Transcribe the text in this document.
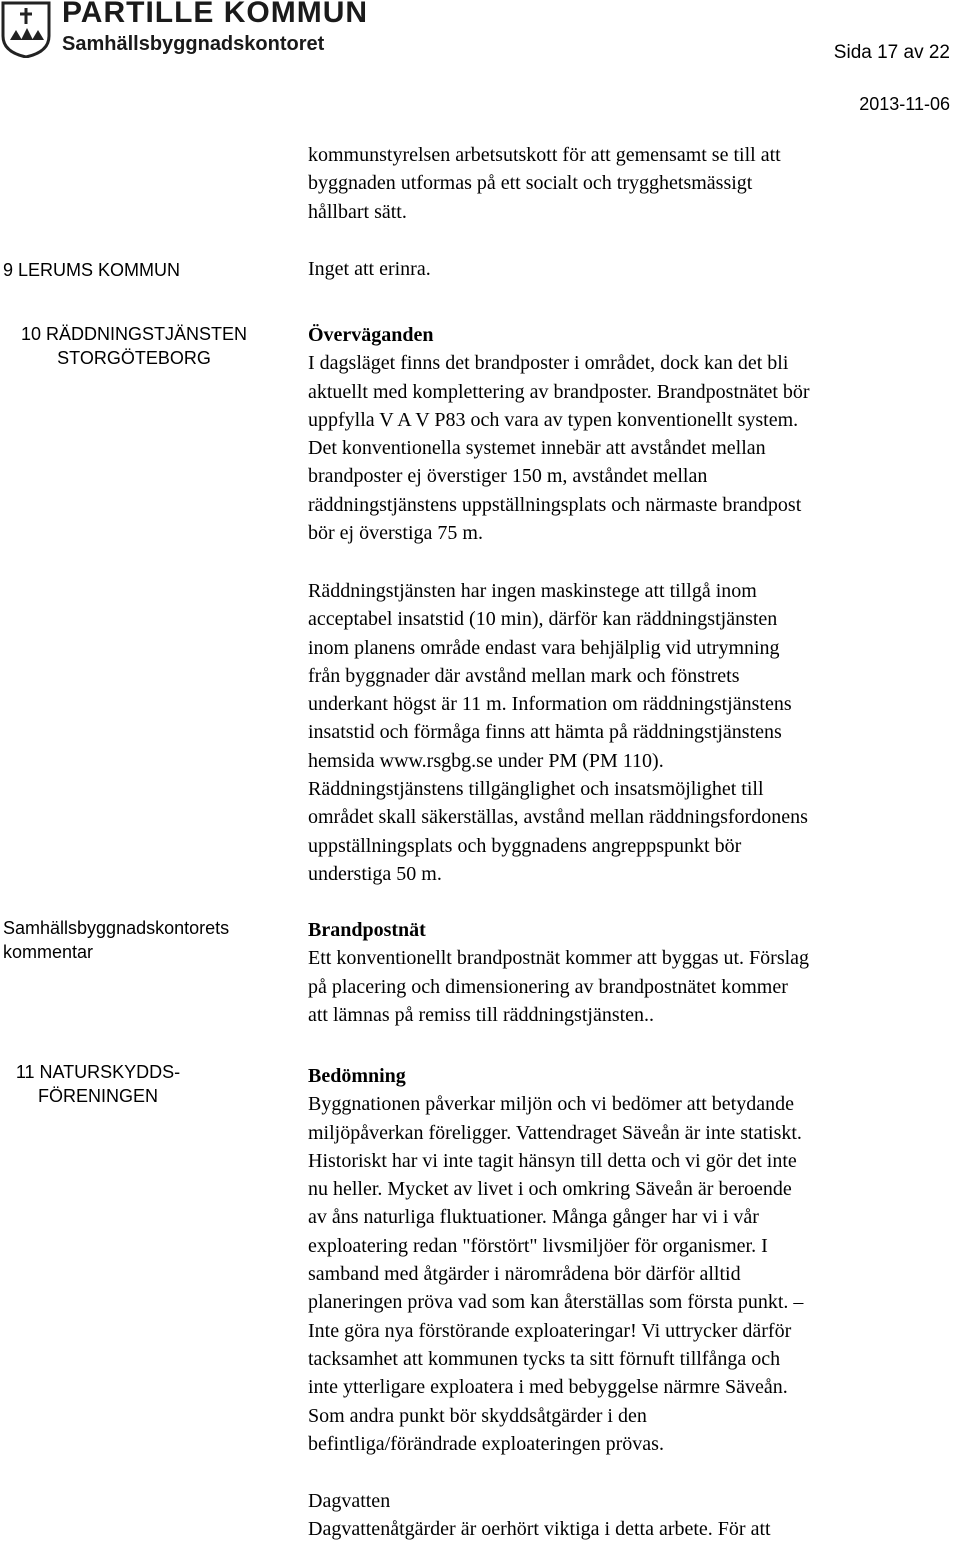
PARTILLE KOMMUN
Samhällsbyggnadskontoret	Sida 17 av 22
2013-11-06
kommunstyrelsen arbetsutskott för att gemensamt se till att
byggnaden utformas på ett socialt och trygghetsmässigt
hållbart sätt.
9 LERUMS KOMMUN	Inget att erinra.
10 RÄDDNINGSTJÄNSTEN
STORGÖTEBORG
Överväganden
I dagsläget finns det brandposter i området, dock kan det bli
aktuellt med komplettering av brandposter. Brandpostnätet bör
uppfylla V A V P83 och vara av typen konventionellt system.
Det konventionella systemet innebär att avståndet mellan
brandposter ej överstiger 150 m, avståndet mellan
räddningstjänstens uppställningsplats och närmaste brandpost
bör ej överstiga 75 m.
Räddningstjänsten har ingen maskinstege att tillgå inom
acceptabel insatstid (10 min), därför kan räddningstjänsten
inom planens område endast vara behjälplig vid utrymning
från byggnader där avstånd mellan mark och fönstrets
underkant högst är 11 m. Information om räddningstjänstens
insatstid och förmåga finns att hämta på räddningstjänstens
hemsida www.rsgbg.se under PM (PM 110).
Räddningstjänstens tillgänglighet och insatsmöjlighet till
området skall säkerställas, avstånd mellan räddningsfordonens
uppställningsplats och byggnadens angreppspunkt bör
understiga 50 m.
Samhällsbyggnadskontorets
kommentar
Brandpostnät
Ett konventionellt brandpostnät kommer att byggas ut. Förslag
på placering och dimensionering av brandpostnätet kommer
att lämnas på remiss till räddningstjänsten..
11 NATURSKYDDS-
FÖRENINGEN
Bedömning
Byggnationen påverkar miljön och vi bedömer att betydande
miljöpåverkan föreligger. Vattendraget Säveån är inte statiskt.
Historiskt har vi inte tagit hänsyn till detta och vi gör det inte
nu heller. Mycket av livet i och omkring Säveån är beroende
av åns naturliga fluktuationer. Många gånger har vi i vår
exploatering redan "förstört" livsmiljöer för organismer. I
samband med åtgärder i närområdena bör därför alltid
planeringen pröva vad som kan återställas som första punkt. –
Inte göra nya förstörande exploateringar! Vi uttrycker därför
tacksamhet att kommunen tycks ta sitt förnuft tillfånga och
inte ytterligare exploatera i med bebyggelse närmre Säveån.
Som andra punkt bör skyddsåtgärder i den
befintliga/förändrade exploateringen prövas.
Dagvatten
Dagvattenåtgärder är oerhört viktiga i detta arbete. För att
